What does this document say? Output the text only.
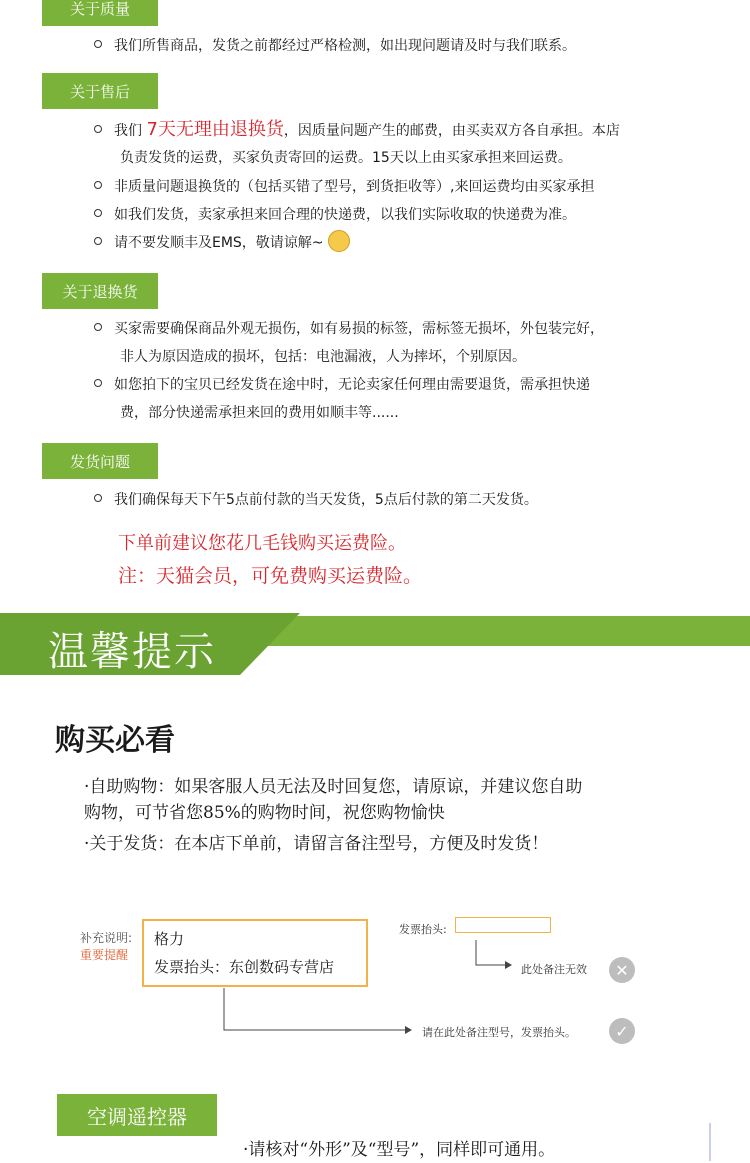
关于质量
我们所售商品，发货之前都经过严格检测，如出现问题请及时与我们联系。
关于售后
我们 7天无理由退换货，因质量问题产生的邮费，由买卖双方各自承担。本店
负责发货的运费，买家负责寄回的运费。15天以上由买家承担来回运费。
非质量问题退换货的（包括买错了型号，到货拒收等）,来回运费均由买家承担
如我们发货，卖家承担来回合理的快递费，以我们实际收取的快递费为准。
请不要发顺丰及EMS，敬请谅解~
关于退换货
买家需要确保商品外观无损伤，如有易损的标签，需标签无损坏，外包装完好，
非人为原因造成的损坏，包括：电池漏液，人为摔坏，个别原因。
如您拍下的宝贝已经发货在途中时，无论卖家任何理由需要退货，需承担快递
费，部分快递需承担来回的费用如顺丰等......
发货问题
我们确保每天下午5点前付款的当天发货，5点后付款的第二天发货。
下单前建议您花几毛钱购买运费险。
注：天猫会员，可免费购买运费险。
温馨提示
购买必看
·自助购物：如果客服人员无法及时回复您，请原谅，并建议您自助
购物，可节省您85%的购物时间，祝您购物愉快
·关于发货：在本店下单前，请留言备注型号，方便及时发货！
补充说明:
重要提醒
格力
发票抬头：东创数码专营店
发票抬头:
此处备注无效	✕
请在此处备注型号，发票抬头。	✓
空调遥控器
·请核对“外形”及“型号”，同样即可通用。
